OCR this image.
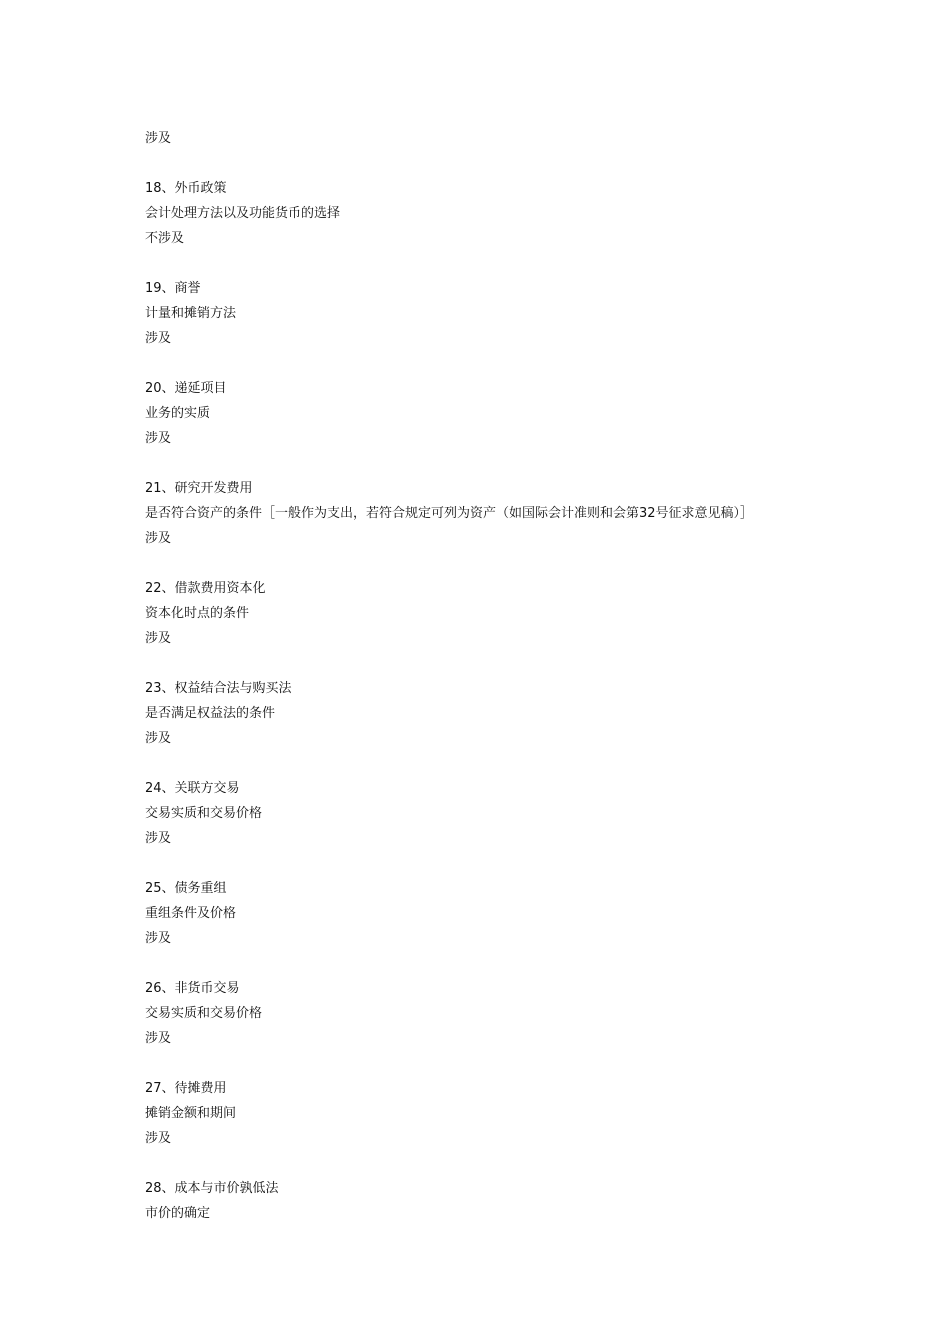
涉及
18、外币政策
会计处理方法以及功能货币的选择
不涉及
19、商誉
计量和摊销方法
涉及
20、递延项目
业务的实质
涉及
21、研究开发费用
是否符合资产的条件［一般作为支出，若符合规定可列为资产（如国际会计准则和会第32号征求意见稿）］
涉及
22、借款费用资本化
资本化时点的条件
涉及
23、权益结合法与购买法
是否满足权益法的条件
涉及
24、关联方交易
交易实质和交易价格
涉及
25、债务重组
重组条件及价格
涉及
26、非货币交易
交易实质和交易价格
涉及
27、待摊费用
摊销金额和期间
涉及
28、成本与市价孰低法
市价的确定
